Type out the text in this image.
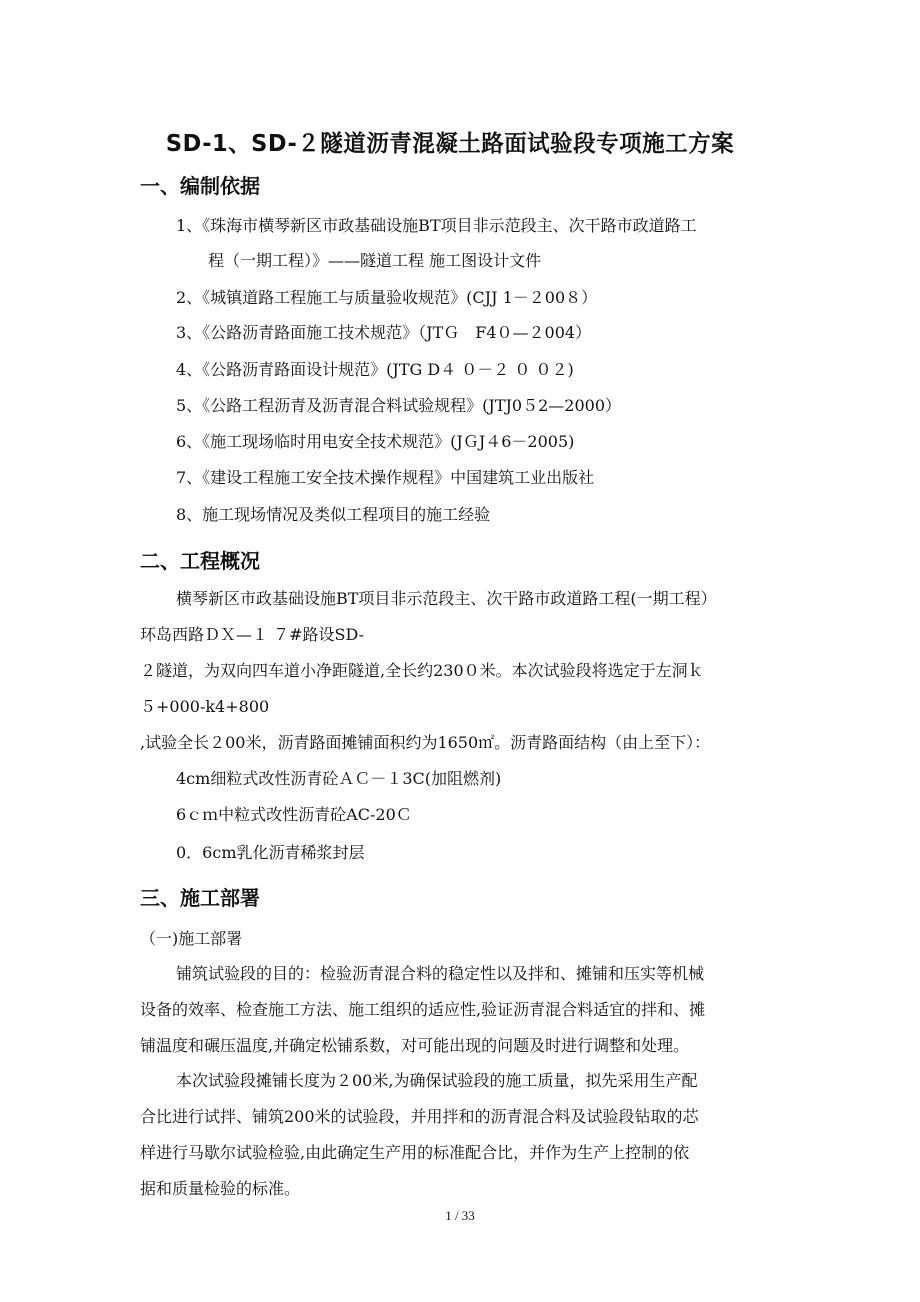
SD-1、SD-２隧道沥青混凝土路面试验段专项施工方案
一、编制依据
1、《珠海市横琴新区市政基础设施BT项目非示范段主、次干路市政道路工
程（一期工程）》——隧道工程 施工图设计文件
2、《城镇道路工程施工与质量验收规范》(CJJ 1－２00８）
3、《公路沥青路面施工技术规范》（JTＧ　F4０—２004）
4、《公路沥青路面设计规范》(JTG D４ ０－２ ０ ０２)
5、《公路工程沥青及沥青混合料试验规程》(JTJ0５2—2000）
6、《施工现场临时用电安全技术规范》(JＧJ４6－2005)
7、《建设工程施工安全技术操作规程》中国建筑工业出版社
8、施工现场情况及类似工程项目的施工经验
二、工程概况
横琴新区市政基础设施BT项目非示范段主、次干路市政道路工程(一期工程）
环岛西路ＤＸ—１ ７#路设SD-
２隧道，为双向四车道小净距隧道,全长约230０米。本次试验段将选定于左洞ｋ
５+000-k4+800
,试验全长２00米，沥青路面摊铺面积约为1650㎡。沥青路面结构（由上至下）：
4cm细粒式改性沥青砼ＡＣ－１3C(加阻燃剂)
6ｃｍ中粒式改性沥青砼AC-20Ｃ
0．6cm乳化沥青稀浆封层
三、施工部署
（一)施工部署
铺筑试验段的目的：检验沥青混合料的稳定性以及拌和、摊铺和压实等机械
设备的效率、检查施工方法、施工组织的适应性,验证沥青混合料适宜的拌和、摊
铺温度和碾压温度,并确定松铺系数，对可能出现的问题及时进行调整和处理。
本次试验段摊铺长度为２00米,为确保试验段的施工质量，拟先采用生产配
合比进行试拌、铺筑200米的试验段，并用拌和的沥青混合料及试验段钻取的芯
样进行马歇尔试验检验,由此确定生产用的标准配合比，并作为生产上控制的依
据和质量检验的标准。
1 / 33
